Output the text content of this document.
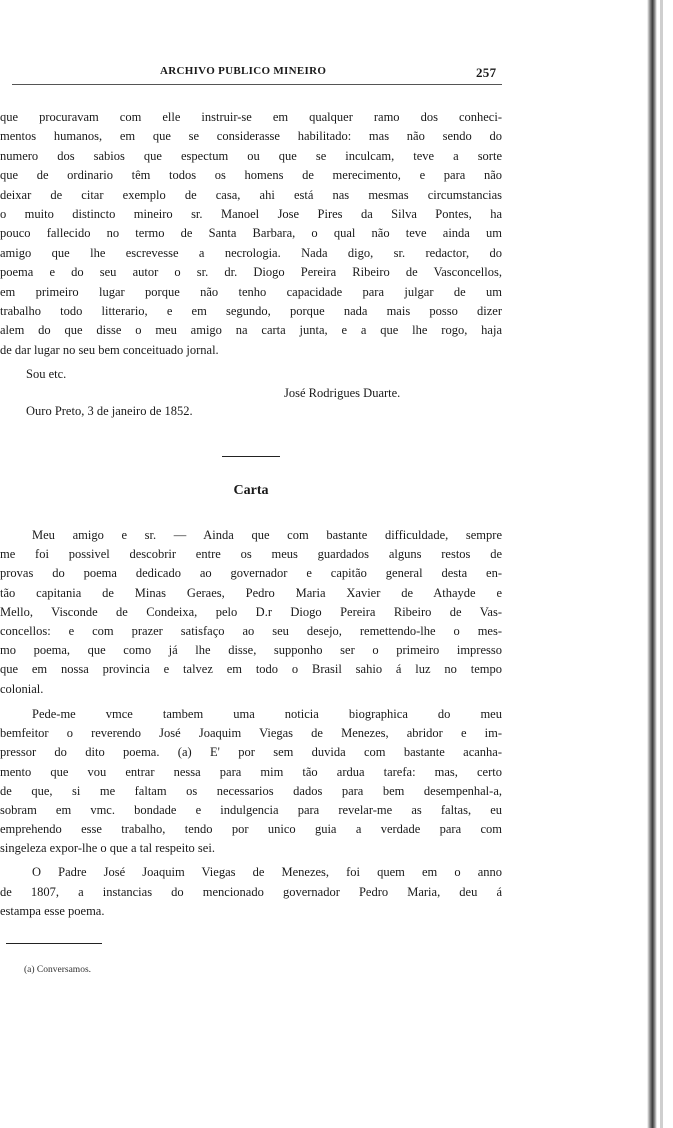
ARCHIVO PUBLICO MINEIRO	257
que procuravam com elle instruir-se em qualquer ramo dos conheci-
mentos humanos, em que se considerasse habilitado: mas não sendo do
numero dos sabios que espectum ou que se inculcam, teve a sorte
que de ordinario têm todos os homens de merecimento, e para não
deixar de citar exemplo de casa, ahi está nas mesmas circumstancias
o muito distincto mineiro sr. Manoel Jose Pires da Silva Pontes, ha
pouco fallecido no termo de Santa Barbara, o qual não teve ainda um
amigo que lhe escrevesse a necrologia. Nada digo, sr. redactor, do
poema e do seu autor o sr. dr. Diogo Pereira Ribeiro de Vasconcellos,
em primeiro lugar porque não tenho capacidade para julgar de um
trabalho todo litterario, e em segundo, porque nada mais posso dizer
alem do que disse o meu amigo na carta junta, e a que lhe rogo, haja
de dar lugar no seu bem conceituado jornal.
Sou etc.
José Rodrigues Duarte.
Ouro Preto, 3 de janeiro de 1852.
Carta
Meu amigo e sr. — Ainda que com bastante difficuldade, sempre
me foi possivel descobrir entre os meus guardados alguns restos de
provas do poema dedicado ao governador e capitão general desta en-
tão capitania de Minas Geraes, Pedro Maria Xavier de Athayde e
Mello, Visconde de Condeixa, pelo D.r Diogo Pereira Ribeiro de Vas-
concellos: e com prazer satisfaço ao seu desejo, remettendo-lhe o mes-
mo poema, que como já lhe disse, supponho ser o primeiro impresso
que em nossa provincia e talvez em todo o Brasil sahio á luz no tempo
colonial.
Pede-me vmce tambem uma noticia biographica do meu
bemfeitor o reverendo José Joaquim Viegas de Menezes, abridor e im-
pressor do dito poema. (a) E' por sem duvida com bastante acanha-
mento que vou entrar nessa para mim tão ardua tarefa: mas, certo
de que, si me faltam os necessarios dados para bem desempenhal-a,
sobram em vmc. bondade e indulgencia para revelar-me as faltas, eu
emprehendo esse trabalho, tendo por unico guia a verdade para com
singeleza expor-lhe o que a tal respeito sei.
O Padre José Joaquim Viegas de Menezes, foi quem em o anno
de 1807, a instancias do mencionado governador Pedro Maria, deu á
estampa esse poema.
(a) Conversamos.
